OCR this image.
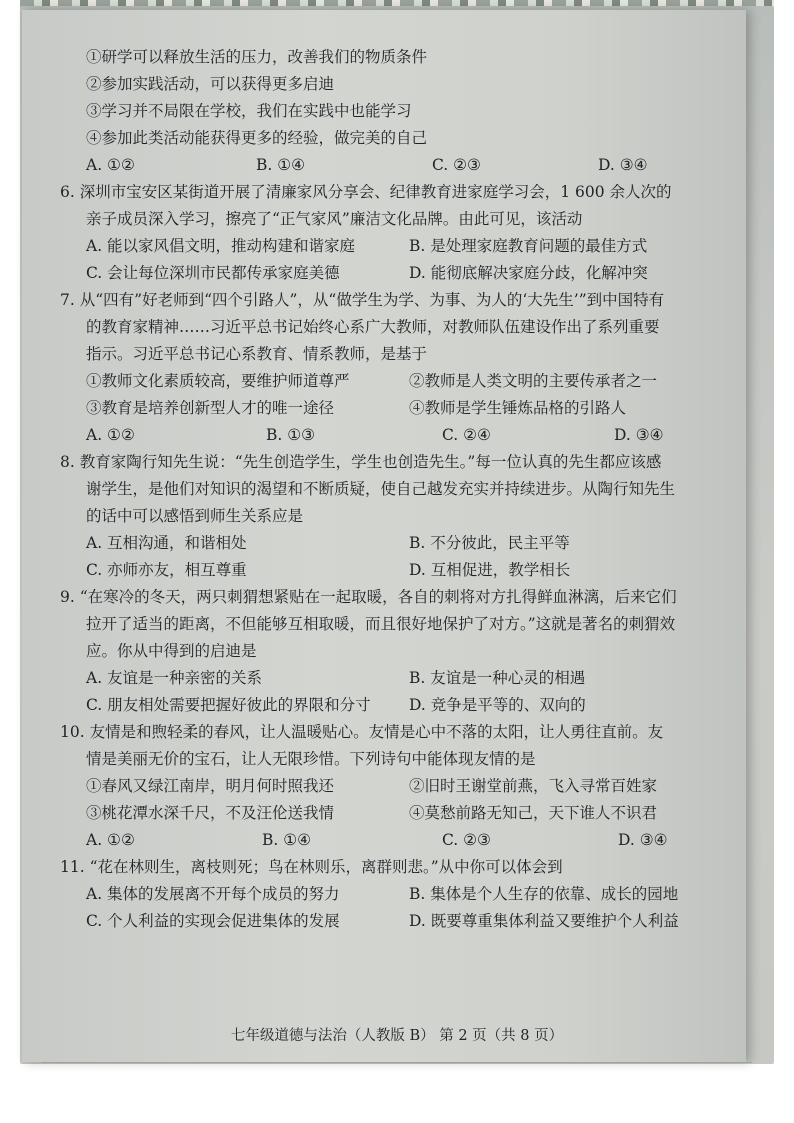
①研学可以释放生活的压力，改善我们的物质条件
②参加实践活动，可以获得更多启迪
③学习并不局限在学校，我们在实践中也能学习
④参加此类活动能获得更多的经验，做完美的自己
A. ①②	B. ①④	C. ②③	D. ③④
6. 深圳市宝安区某街道开展了清廉家风分享会、纪律教育进家庭学习会，1 600 余人次的
亲子成员深入学习，擦亮了“正气家风”廉洁文化品牌。由此可见，该活动
A. 能以家风倡文明，推动构建和谐家庭	B. 是处理家庭教育问题的最佳方式
C. 会让每位深圳市民都传承家庭美德	D. 能彻底解决家庭分歧，化解冲突
7. 从“四有”好老师到“四个引路人”，从“做学生为学、为事、为人的‘大先生’”到中国特有
的教育家精神……习近平总书记始终心系广大教师，对教师队伍建设作出了系列重要
指示。习近平总书记心系教育、情系教师，是基于
①教师文化素质较高，要维护师道尊严	②教师是人类文明的主要传承者之一
③教育是培养创新型人才的唯一途径	④教师是学生锤炼品格的引路人
A. ①②	B. ①③	C. ②④	D. ③④
8. 教育家陶行知先生说：“先生创造学生，学生也创造先生。”每一位认真的先生都应该感
谢学生，是他们对知识的渴望和不断质疑，使自己越发充实并持续进步。从陶行知先生
的话中可以感悟到师生关系应是
A. 互相沟通，和谐相处	B. 不分彼此，民主平等
C. 亦师亦友，相互尊重	D. 互相促进，教学相长
9. “在寒冷的冬天，两只刺猬想紧贴在一起取暖，各自的刺将对方扎得鲜血淋漓，后来它们
拉开了适当的距离，不但能够互相取暖，而且很好地保护了对方。”这就是著名的刺猬效
应。你从中得到的启迪是
A. 友谊是一种亲密的关系	B. 友谊是一种心灵的相遇
C. 朋友相处需要把握好彼此的界限和分寸	D. 竞争是平等的、双向的
10. 友情是和煦轻柔的春风，让人温暖贴心。友情是心中不落的太阳，让人勇往直前。友
情是美丽无价的宝石，让人无限珍惜。下列诗句中能体现友情的是
①春风又绿江南岸，明月何时照我还	②旧时王谢堂前燕，飞入寻常百姓家
③桃花潭水深千尺，不及汪伦送我情	④莫愁前路无知己，天下谁人不识君
A. ①②	B. ①④	C. ②③	D. ③④
11. “花在林则生，离枝则死；鸟在林则乐，离群则悲。”从中你可以体会到
A. 集体的发展离不开每个成员的努力	B. 集体是个人生存的依靠、成长的园地
C. 个人利益的实现会促进集体的发展	D. 既要尊重集体利益又要维护个人利益
七年级道德与法治（人教版 B） 第 2 页（共 8 页）
